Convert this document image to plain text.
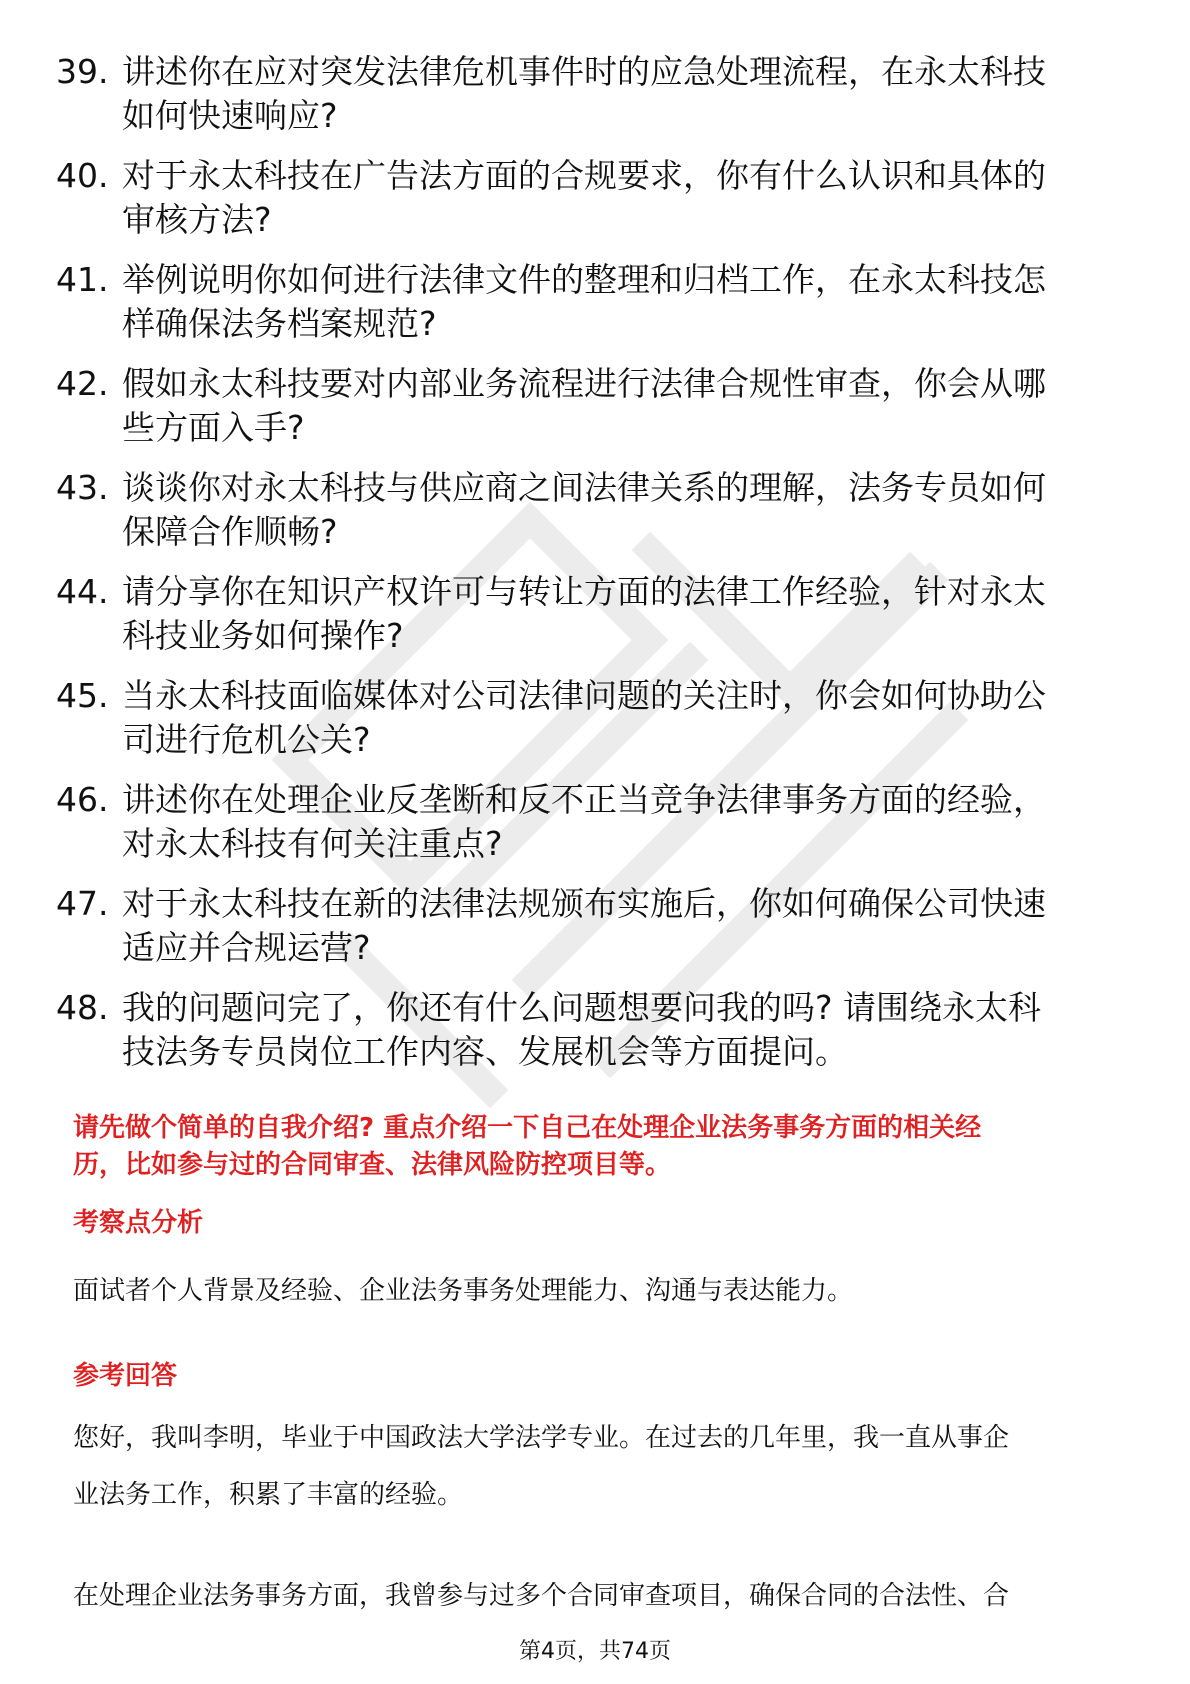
39. 讲述你在应对突发法律危机事件时的应急处理流程，在永太科技
如何快速响应?
40. 对于永太科技在广告法方面的合规要求，你有什么认识和具体的
审核方法?
41. 举例说明你如何进行法律文件的整理和归档工作，在永太科技怎
样确保法务档案规范?
42. 假如永太科技要对内部业务流程进行法律合规性审查，你会从哪
些方面入手?
43. 谈谈你对永太科技与供应商之间法律关系的理解，法务专员如何
保障合作顺畅?
44. 请分享你在知识产权许可与转让方面的法律工作经验，针对永太
科技业务如何操作?
45. 当永太科技面临媒体对公司法律问题的关注时，你会如何协助公
司进行危机公关?
46. 讲述你在处理企业反垄断和反不正当竞争法律事务方面的经验，
对永太科技有何关注重点?
47. 对于永太科技在新的法律法规颁布实施后，你如何确保公司快速
适应并合规运营?
48. 我的问题问完了，你还有什么问题想要问我的吗? 请围绕永太科
技法务专员岗位工作内容、发展机会等方面提问。
请先做个简单的自我介绍? 重点介绍一下自己在处理企业法务事务方面的相关经
历，比如参与过的合同审查、法律风险防控项目等。
考察点分析
面试者个人背景及经验、企业法务事务处理能力、沟通与表达能力。
参考回答
您好，我叫李明，毕业于中国政法大学法学专业。在过去的几年里，我一直从事企
业法务工作，积累了丰富的经验。
在处理企业法务事务方面，我曾参与过多个合同审查项目，确保合同的合法性、合
第4页，共74页
